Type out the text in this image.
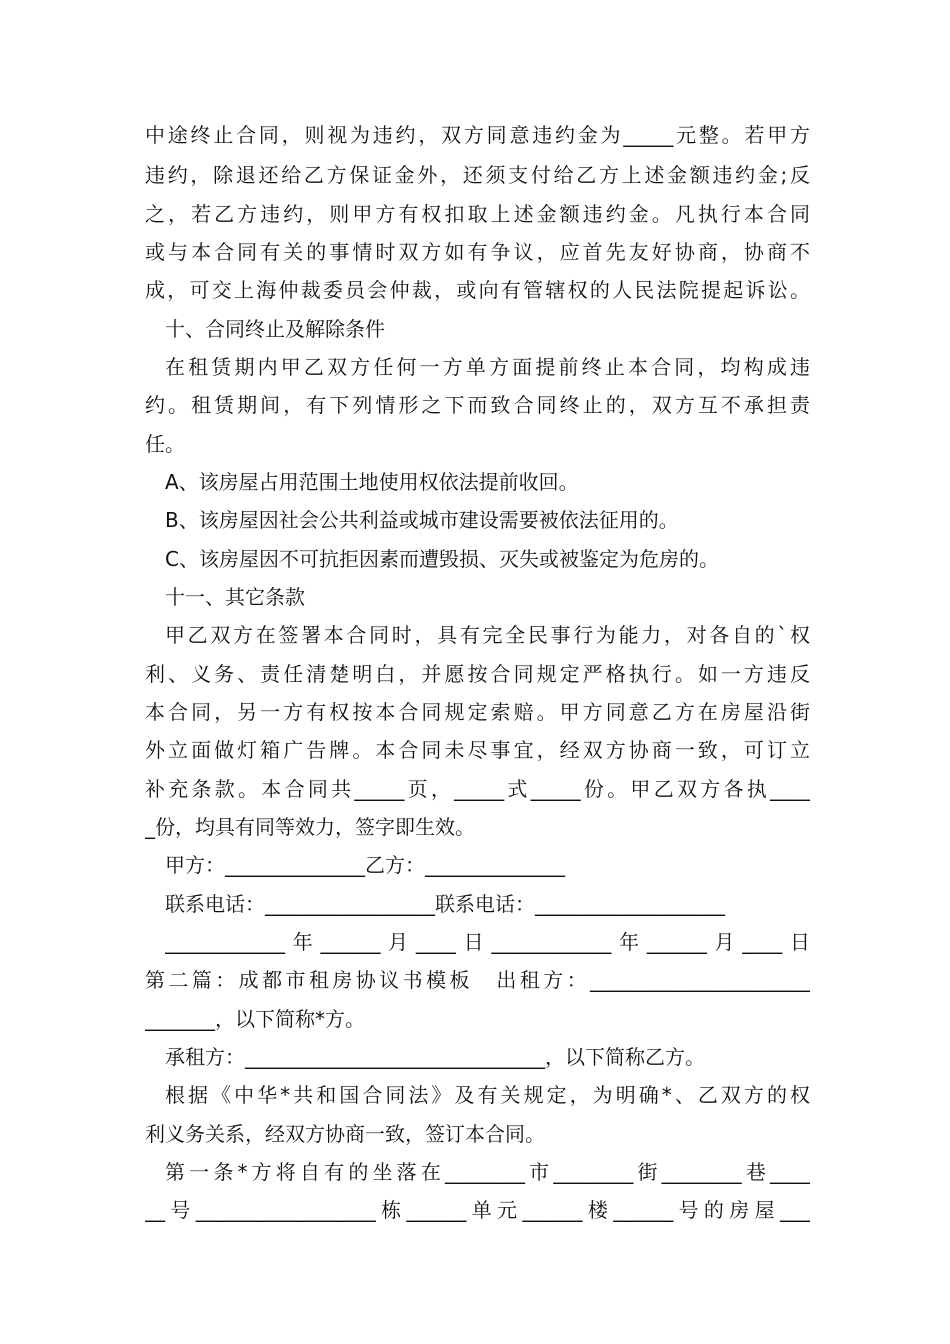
中途终止合同，则视为违约，双方同意违约金为_____元整。若甲方
违约，除退还给乙方保证金外，还须支付给乙方上述金额违约金;反
之，若乙方违约，则甲方有权扣取上述金额违约金。凡执行本合同
或与本合同有关的事情时双方如有争议，应首先友好协商，协商不
成，可交上海仲裁委员会仲裁，或向有管辖权的人民法院提起诉讼。
十、合同终止及解除条件
在租赁期内甲乙双方任何一方单方面提前终止本合同，均构成违
约。租赁期间，有下列情形之下而致合同终止的，双方互不承担责
任。
A、该房屋占用范围土地使用权依法提前收回。
B、该房屋因社会公共利益或城市建设需要被依法征用的。
C、该房屋因不可抗拒因素而遭毁损、灭失或被鉴定为危房的。
十一、其它条款
甲乙双方在签署本合同时，具有完全民事行为能力，对各自的`权
利、义务、责任清楚明白，并愿按合同规定严格执行。如一方违反
本合同，另一方有权按本合同规定索赔。甲方同意乙方在房屋沿街
外立面做灯箱广告牌。本合同未尽事宜，经双方协商一致，可订立
补充条款。本合同共_____页，_____式_____份。甲乙双方各执____
_份，均具有同等效力，签字即生效。
甲方：______________乙方：______________
联系电话：_________________联系电话：___________________
____________年______月____日____________年______月____日
第二篇：成都市租房协议书模板　出租方：______________________
_______，以下简称*方。
承租方：______________________________，以下简称乙方。
根据《中华*共和国合同法》及有关规定，为明确*、乙双方的权
利义务关系，经双方协商一致，签订本合同。
第一条*方将自有的坐落在________市________街________巷____
__号__________________栋______单元______楼______号的房屋___
